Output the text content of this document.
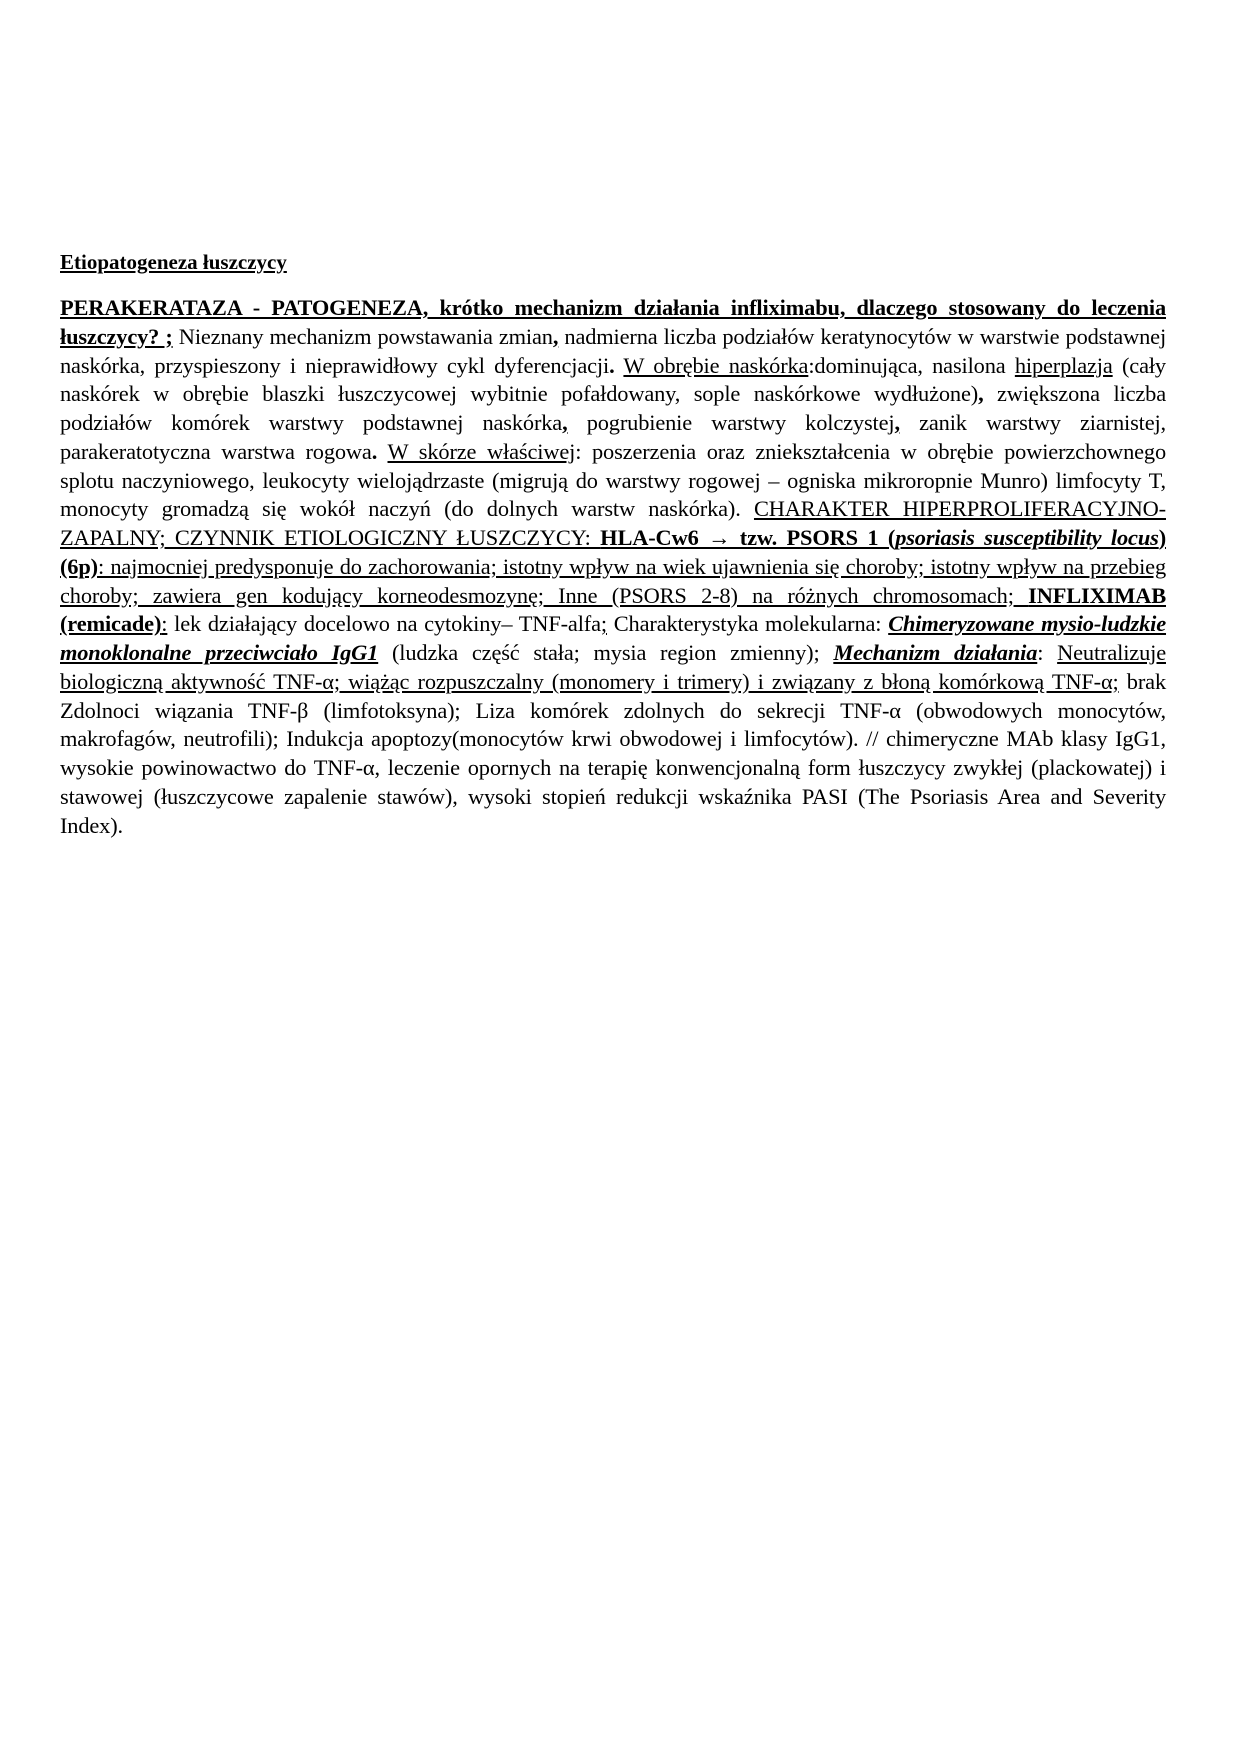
Etiopatogeneza łuszczycy

PERAKERATAZA - PATOGENEZA, krótko mechanizm działania infliximabu, dlaczego stosowany do leczenia łuszczycy? ; Nieznany mechanizm powstawania zmian, nadmierna liczba podziałów keratynocytów w warstwie podstawnej naskórka, przyspieszony i nieprawidłowy cykl dyferencjacji. W obrębie naskórka:dominująca, nasilona hiperplazja (cały naskórek w obrębie blaszki łuszczycowej wybitnie pofałdowany, sople naskórkowe wydłużone), zwiększona liczba podziałów komórek warstwy podstawnej naskórka, pogrubienie warstwy kolczystej, zanik warstwy ziarnistej, parakeratotyczna warstwa rogowa. W skórze właściwej: poszerzenia oraz zniekształcenia w obrębie powierzchownego splotu naczyniowego, leukocyty wielojądrzaste (migrują do warstwy rogowej – ogniska mikroropnie Munro) limfocyty T, monocyty gromadzą się wokół naczyń (do dolnych warstw naskórka). CHARAKTER HIPERPROLIFERACYJNO-ZAPALNY; CZYNNIK ETIOLOGICZNY ŁUSZCZYCY: HLA-Cw6 → tzw. PSORS 1 (psoriasis susceptibility locus) (6p): najmocniej predysponuje do zachorowania; istotny wpływ na wiek ujawnienia się choroby; istotny wpływ na przebieg choroby; zawiera gen kodujący korneodesmozynę; Inne (PSORS 2-8) na różnych chromosomach; INFLIXIMAB (remicade): lek działający docelowo na cytokiny– TNF-alfa; Charakterystyka molekularna: Chimeryzowane mysio-ludzkie monoklonalne przeciwciało IgG1 (ludzka część stała; mysia region zmienny); Mechanizm działania: Neutralizuje biologiczną aktywność TNF-α; wiążąc rozpuszczalny (monomery i trimery) i związany z błoną komórkową TNF-α; brak Zdolnoci wiązania TNF-β (limfotoksyna); Liza komórek zdolnych do sekrecji TNF-α (obwodowych monocytów, makrofagów, neutrofili); Indukcja apoptozy(monocytów krwi obwodowej i limfocytów). // chimeryczne MAb klasy IgG1, wysokie powinowactwo do TNF-α, leczenie opornych na terapię konwencjonalną form łuszczycy zwykłej (plackowatej) i stawowej (łuszczycowe zapalenie stawów), wysoki stopień redukcji wskaźnika PASI (The Psoriasis Area and Severity Index).
